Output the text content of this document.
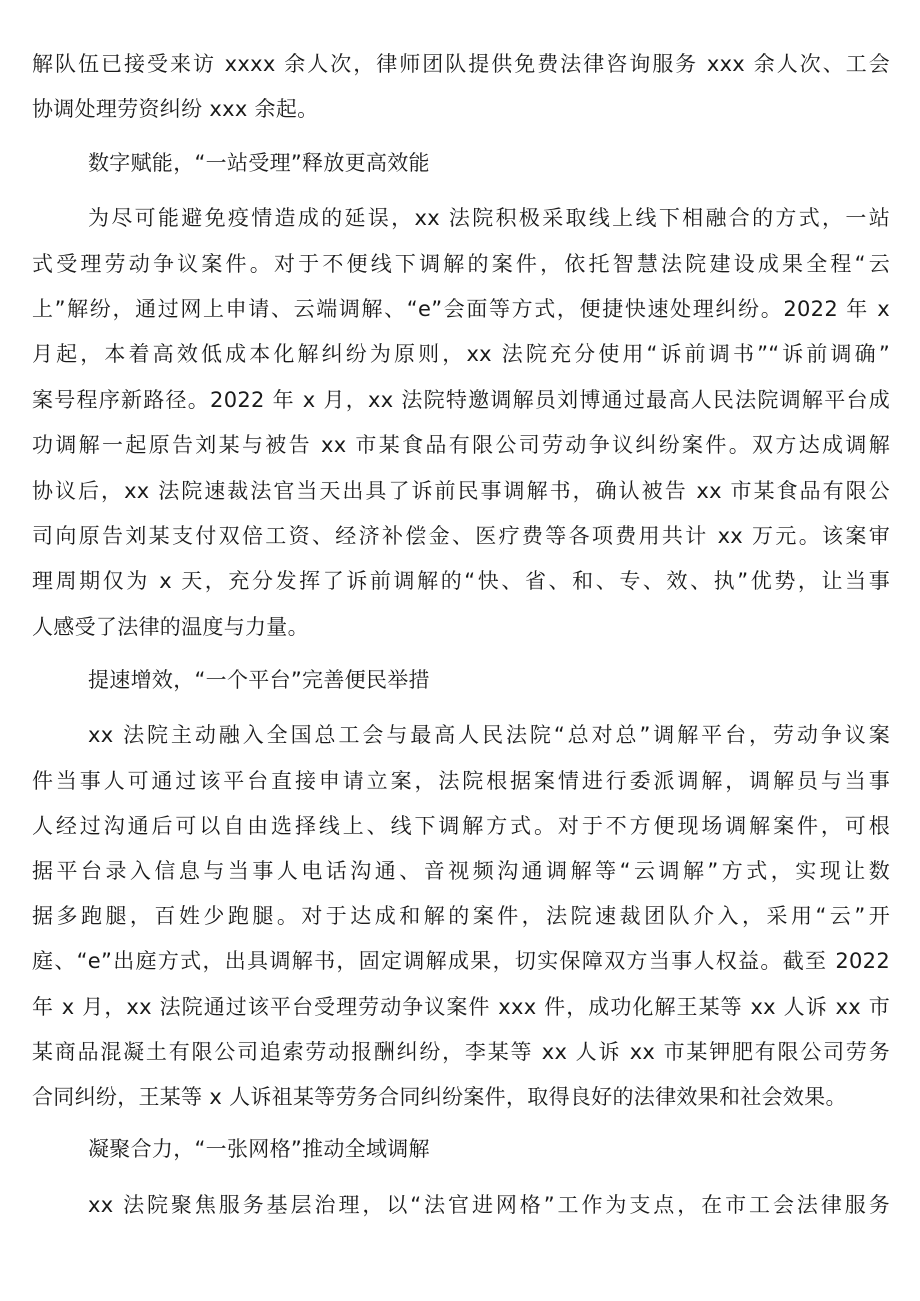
解队伍已接受来访 xxxx 余人次，律师团队提供免费法律咨询服务 xxx 余人次、工会
协调处理劳资纠纷 xxx 余起。
数字赋能，“一站受理”释放更高效能
为尽可能避免疫情造成的延误，xx 法院积极采取线上线下相融合的方式，一站
式受理劳动争议案件。对于不便线下调解的案件，依托智慧法院建设成果全程“云
上”解纷，通过网上申请、云端调解、“e”会面等方式，便捷快速处理纠纷。2022 年 x
月起，本着高效低成本化解纠纷为原则，xx 法院充分使用“诉前调书”“诉前调确”
案号程序新路径。2022 年 x 月，xx 法院特邀调解员刘博通过最高人民法院调解平台成
功调解一起原告刘某与被告 xx 市某食品有限公司劳动争议纠纷案件。双方达成调解
协议后，xx 法院速裁法官当天出具了诉前民事调解书，确认被告 xx 市某食品有限公
司向原告刘某支付双倍工资、经济补偿金、医疗费等各项费用共计 xx 万元。该案审
理周期仅为 x 天，充分发挥了诉前调解的“快、省、和、专、效、执”优势，让当事
人感受了法律的温度与力量。
提速增效，“一个平台”完善便民举措
xx 法院主动融入全国总工会与最高人民法院“总对总”调解平台，劳动争议案
件当事人可通过该平台直接申请立案，法院根据案情进行委派调解，调解员与当事
人经过沟通后可以自由选择线上、线下调解方式。对于不方便现场调解案件，可根
据平台录入信息与当事人电话沟通、音视频沟通调解等“云调解”方式，实现让数
据多跑腿，百姓少跑腿。对于达成和解的案件，法院速裁团队介入，采用“云”开
庭、“e”出庭方式，出具调解书，固定调解成果，切实保障双方当事人权益。截至 2022
年 x 月，xx 法院通过该平台受理劳动争议案件 xxx 件，成功化解王某等 xx 人诉 xx 市
某商品混凝土有限公司追索劳动报酬纠纷，李某等 xx 人诉 xx 市某钾肥有限公司劳务
合同纠纷，王某等 x 人诉祖某等劳务合同纠纷案件，取得良好的法律效果和社会效果。
凝聚合力，“一张网格”推动全域调解
xx 法院聚焦服务基层治理，以“法官进网格”工作为支点，在市工会法律服务
